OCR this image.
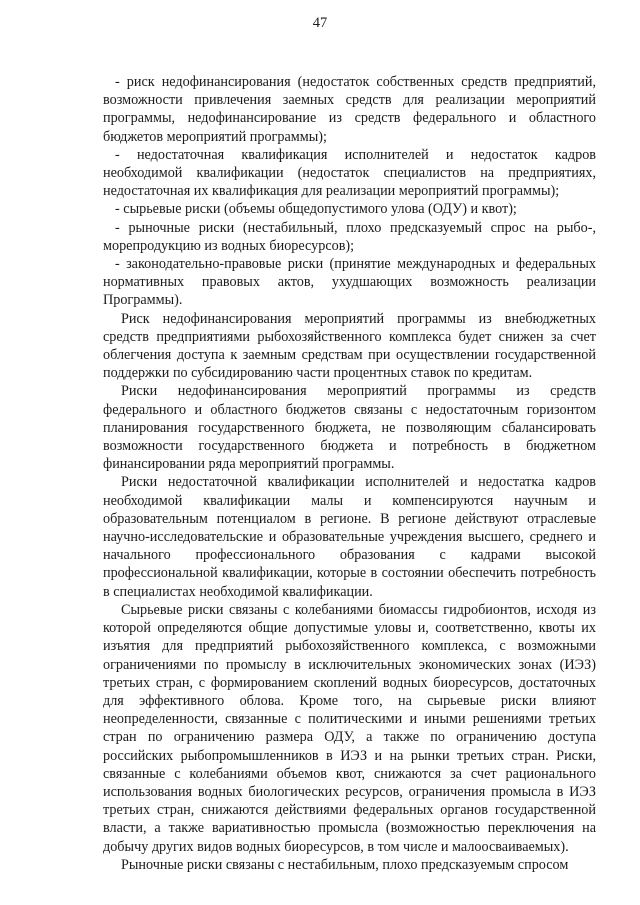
47

- риск недофинансирования (недостаток собственных средств предприятий, возможности привлечения заемных средств для реализации мероприятий программы, недофинансирование из средств федерального и областного бюджетов мероприятий программы);

- недостаточная квалификация исполнителей и недостаток кадров необходимой квалификации (недостаток специалистов на предприятиях, недостаточная их квалификация для реализации мероприятий программы);

- сырьевые риски (объемы общедопустимого улова (ОДУ) и квот);

- рыночные риски (нестабильный, плохо предсказуемый спрос на рыбо-, морепродукцию из водных биоресурсов);

- законодательно-правовые риски (принятие международных и федеральных нормативных правовых актов, ухудшающих возможность реализации Программы).

Риск недофинансирования мероприятий программы из внебюджетных средств предприятиями рыбохозяйственного комплекса будет снижен за счет облегчения доступа к заемным средствам при осуществлении государственной поддержки по субсидированию части процентных ставок по кредитам.

Риски недофинансирования мероприятий программы из средств федерального и областного бюджетов связаны с недостаточным горизонтом планирования государственного бюджета, не позволяющим сбалансировать возможности государственного бюджета и потребность в бюджетном финансировании ряда мероприятий программы.

Риски недостаточной квалификации исполнителей и недостатка кадров необходимой квалификации малы и компенсируются научным и образовательным потенциалом в регионе. В регионе действуют отраслевые научно-исследовательские и образовательные учреждения высшего, среднего и начального профессионального образования с кадрами высокой профессиональной квалификации, которые в состоянии обеспечить потребность в специалистах необходимой квалификации.

Сырьевые риски связаны с колебаниями биомассы гидробионтов, исходя из которой определяются общие допустимые уловы и, соответственно, квоты их изъятия для предприятий рыбохозяйственного комплекса, с возможными ограничениями по промыслу в исключительных экономических зонах (ИЭЗ) третьих стран, с формированием скоплений водных биоресурсов, достаточных для эффективного облова. Кроме того, на сырьевые риски влияют неопределенности, связанные с политическими и иными решениями третьих стран по ограничению размера ОДУ, а также по ограничению доступа российских рыбопромышленников в ИЭЗ и на рынки третьих стран. Риски, связанные с колебаниями объемов квот, снижаются за счет рационального использования водных биологических ресурсов, ограничения промысла в ИЭЗ третьих стран, снижаются действиями федеральных органов государственной власти, а также вариативностью промысла (возможностью переключения на добычу других видов водных биоресурсов, в том числе и малоосваиваемых).

Рыночные риски связаны с нестабильным, плохо предсказуемым спросом
